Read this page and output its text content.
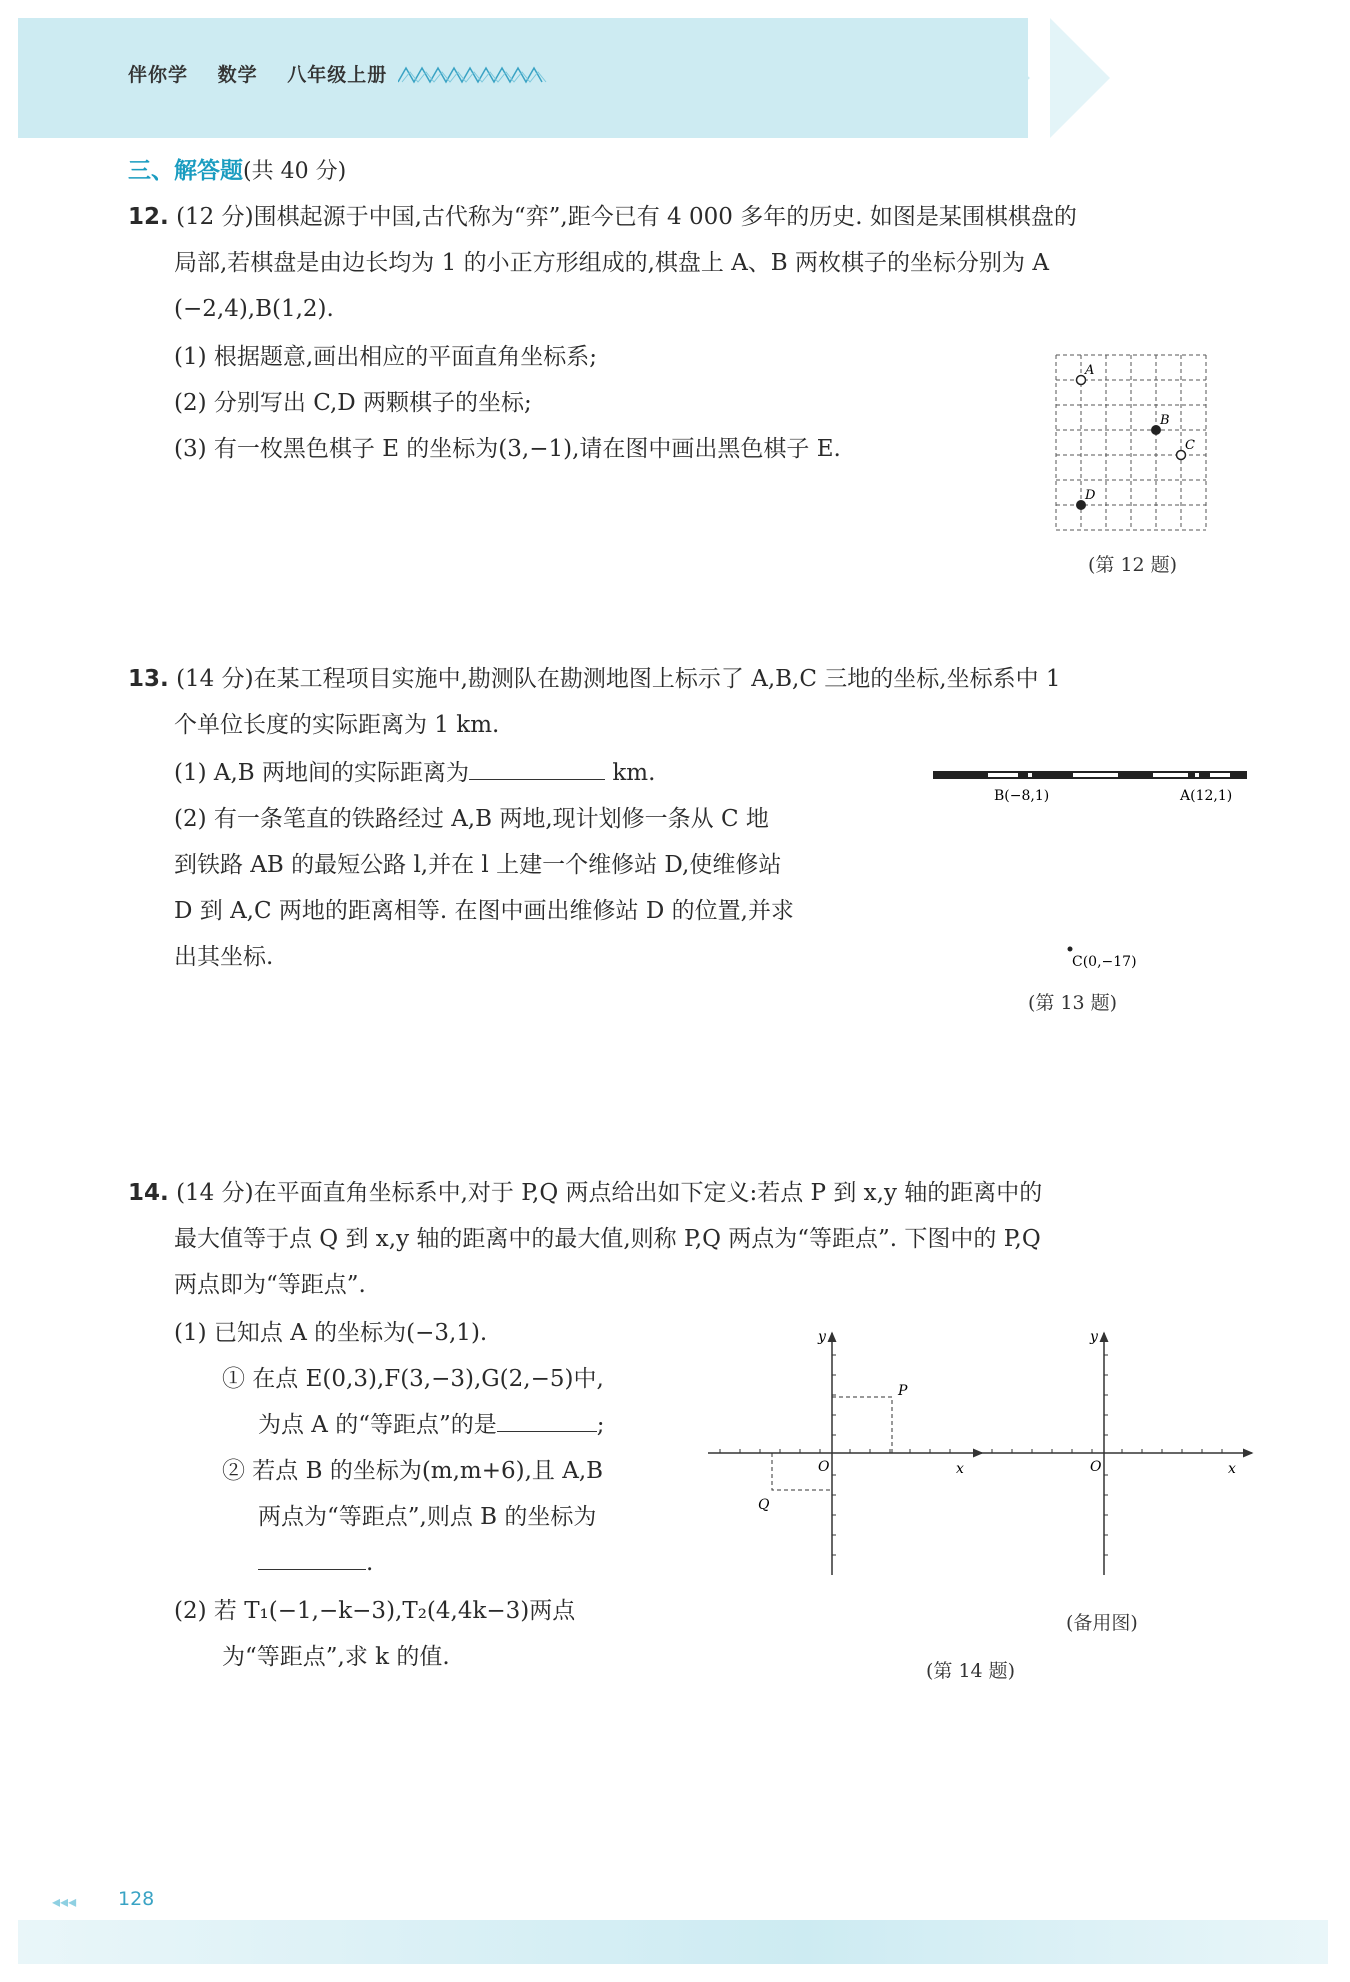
伴你学 数学 八年级上册
三、解答题(共 40 分)
12. (12 分)围棋起源于中国,古代称为“弈”,距今已有 4 000 多年的历史. 如图是某围棋棋盘的
局部,若棋盘是由边长均为 1 的小正方形组成的,棋盘上 A、B 两枚棋子的坐标分别为 A
(−2,4),B(1,2).
(1) 根据题意,画出相应的平面直角坐标系;
(2) 分别写出 C,D 两颗棋子的坐标;
(3) 有一枚黑色棋子 E 的坐标为(3,−1),请在图中画出黑色棋子 E.
A
B
C
D
(第 12 题)
13. (14 分)在某工程项目实施中,勘测队在勘测地图上标示了 A,B,C 三地的坐标,坐标系中 1
个单位长度的实际距离为 1 km.
(1) A,B 两地间的实际距离为	km.
(2) 有一条笔直的铁路经过 A,B 两地,现计划修一条从 C 地
到铁路 AB 的最短公路 l,并在 l 上建一个维修站 D,使维修站
D 到 A,C 两地的距离相等. 在图中画出维修站 D 的位置,并求
出其坐标.
B(−8,1)	A(12,1)
C(0,−17)
(第 13 题)
14. (14 分)在平面直角坐标系中,对于 P,Q 两点给出如下定义:若点 P 到 x,y 轴的距离中的
最大值等于点 Q 到 x,y 轴的距离中的最大值,则称 P,Q 两点为“等距点”. 下图中的 P,Q
两点即为“等距点”.
(1) 已知点 A 的坐标为(−3,1).
① 在点 E(0,3),F(3,−3),G(2,−5)中,
为点 A 的“等距点”的是	;
② 若点 B 的坐标为(m,m+6),且 A,B
两点为“等距点”,则点 B 的坐标为
.
(2) 若 T₁(−1,−k−3),T₂(4,4k−3)两点
为“等距点”,求 k 的值.
P
Q
O	x
y
O	x
y
(备用图)
(第 14 题)
◂◂◂ 128
